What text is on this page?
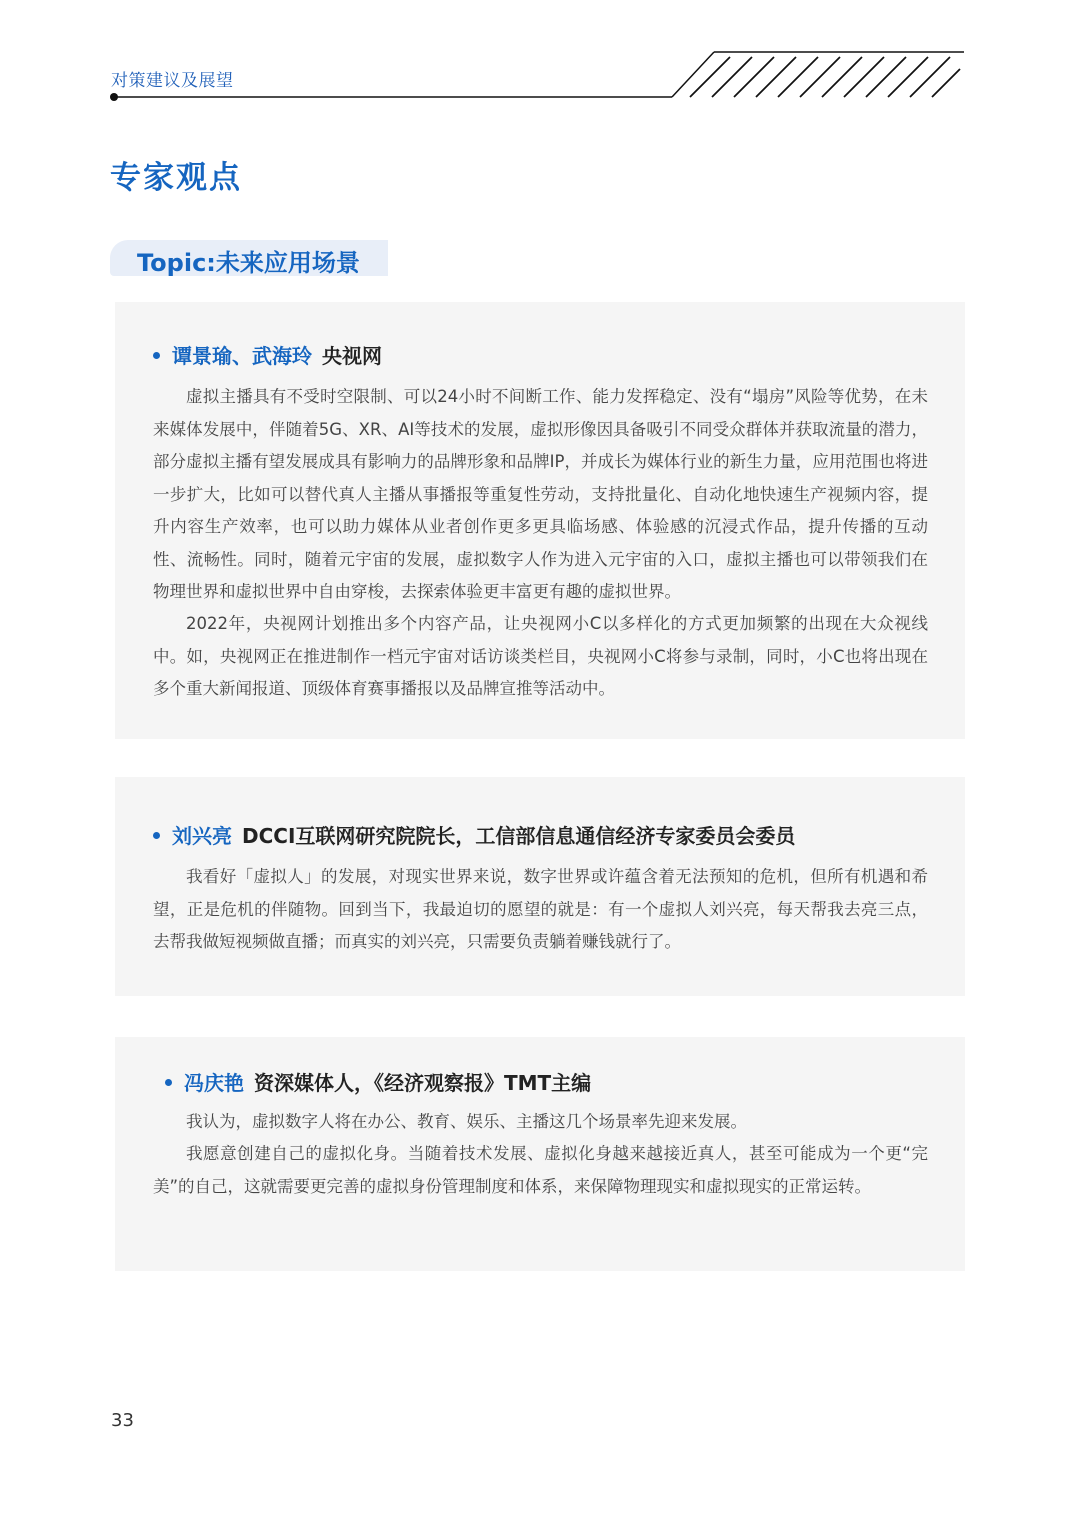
对策建议及展望
专家观点
Topic:未来应用场景
谭景瑜、武海玲 央视网

虚拟主播具有不受时空限制、可以24小时不间断工作、能力发挥稳定、没有“塌房”风险等优势，在未来媒体发展中，伴随着5G、XR、AI等技术的发展，虚拟形像因具备吸引不同受众群体并获取流量的潜力，部分虚拟主播有望发展成具有影响力的品牌形象和品牌IP，并成长为媒体行业的新生力量，应用范围也将进一步扩大，比如可以替代真人主播从事播报等重复性劳动，支持批量化、自动化地快速生产视频内容，提升内容生产效率，也可以助力媒体从业者创作更多更具临场感、体验感的沉浸式作品，提升传播的互动性、流畅性。同时，随着元宇宙的发展，虚拟数字人作为进入元宇宙的入口，虚拟主播也可以带领我们在物理世界和虚拟世界中自由穿梭，去探索体验更丰富更有趣的虚拟世界。

2022年，央视网计划推出多个内容产品，让央视网小C以多样化的方式更加频繁的出现在大众视线中。如，央视网正在推进制作一档元宇宙对话访谈类栏目，央视网小C将参与录制，同时，小C也将出现在多个重大新闻报道、顶级体育赛事播报以及品牌宣推等活动中。

刘兴亮 DCCI互联网研究院院长，工信部信息通信经济专家委员会委员

我看好「虚拟人」的发展，对现实世界来说，数字世界或许蕴含着无法预知的危机，但所有机遇和希望，正是危机的伴随物。回到当下，我最迫切的愿望的就是：有一个虚拟人刘兴亮，每天帮我去亮三点，去帮我做短视频做直播；而真实的刘兴亮，只需要负责躺着赚钱就行了。

冯庆艳 资深媒体人，《经济观察报》TMT主编

我认为，虚拟数字人将在办公、教育、娱乐、主播这几个场景率先迎来发展。

我愿意创建自己的虚拟化身。当随着技术发展、虚拟化身越来越接近真人，甚至可能成为一个更“完美”的自己，这就需要更完善的虚拟身份管理制度和体系，来保障物理现实和虚拟现实的正常运转。

33
